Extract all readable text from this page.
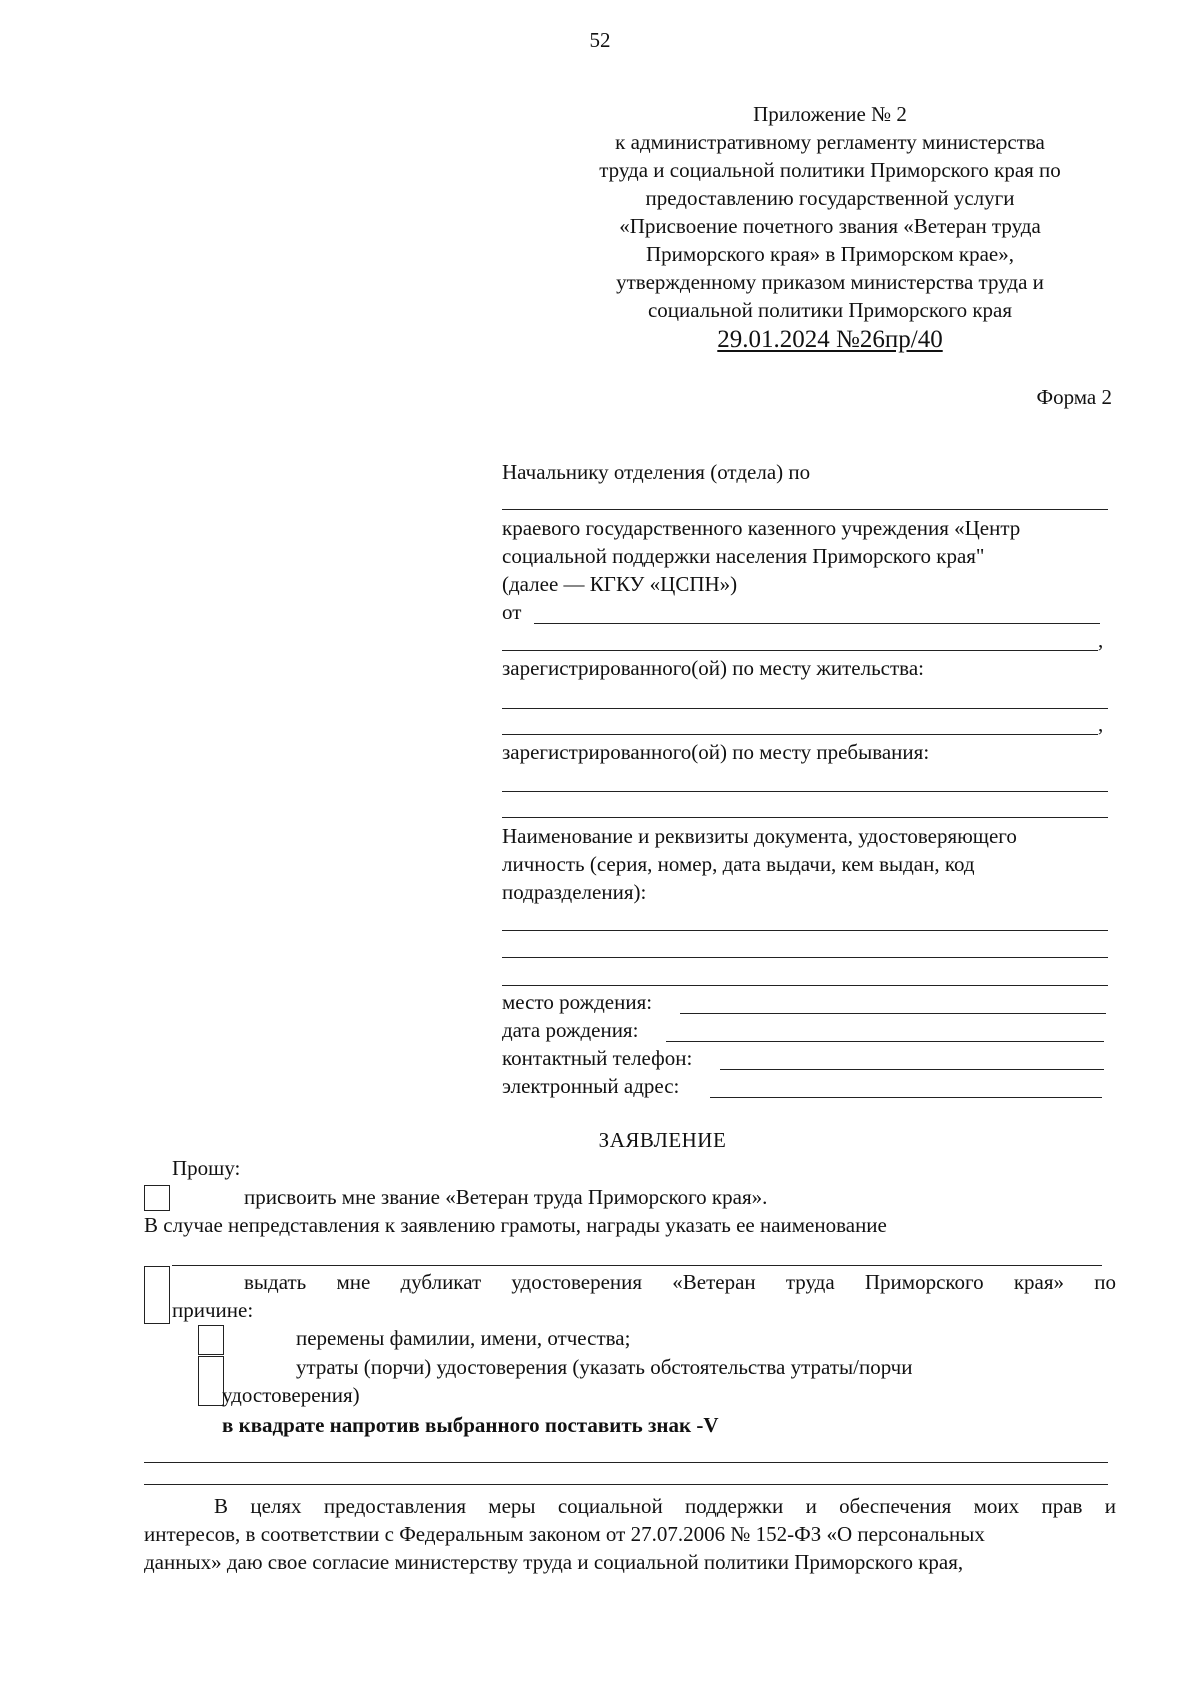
52
Приложение № 2
к административному регламенту министерства
труда и социальной политики Приморского края по
предоставлению государственной услуги
«Присвоение почетного звания «Ветеран труда
Приморского края» в Приморском крае»,
утвержденному приказом министерства труда и
социальной политики Приморского края
29.01.2024 №26пр/40
Форма 2
Начальнику отделения (отдела) по
краевого государственного казенного учреждения «Центр
социальной поддержки населения Приморского края"
(далее — КГКУ «ЦСПН»)
от
,
зарегистрированного(ой) по месту жительства:
,
зарегистрированного(ой) по месту пребывания:
Наименование и реквизиты документа, удостоверяющего
личность (серия, номер, дата выдачи, кем выдан, код
подразделения):
место рождения:
дата рождения:
контактный телефон:
электронный адрес:
ЗАЯВЛЕНИЕ
Прошу:
присвоить мне звание «Ветеран труда Приморского края».
В случае непредставления к заявлению грамоты, награды указать ее наименование
выдать мне дубликат удостоверения «Ветеран труда Приморского края» по
причине:
перемены фамилии, имени, отчества;
утраты (порчи) удостоверения (указать обстоятельства утраты/порчи
удостоверения)
в квадрате напротив выбранного поставить знак -V
В целях предоставления меры социальной поддержки и обеспечения моих прав и
интересов, в соответствии с Федеральным законом от 27.07.2006 № 152-ФЗ «О персональных
данных» даю свое согласие министерству труда и социальной политики Приморского края,
